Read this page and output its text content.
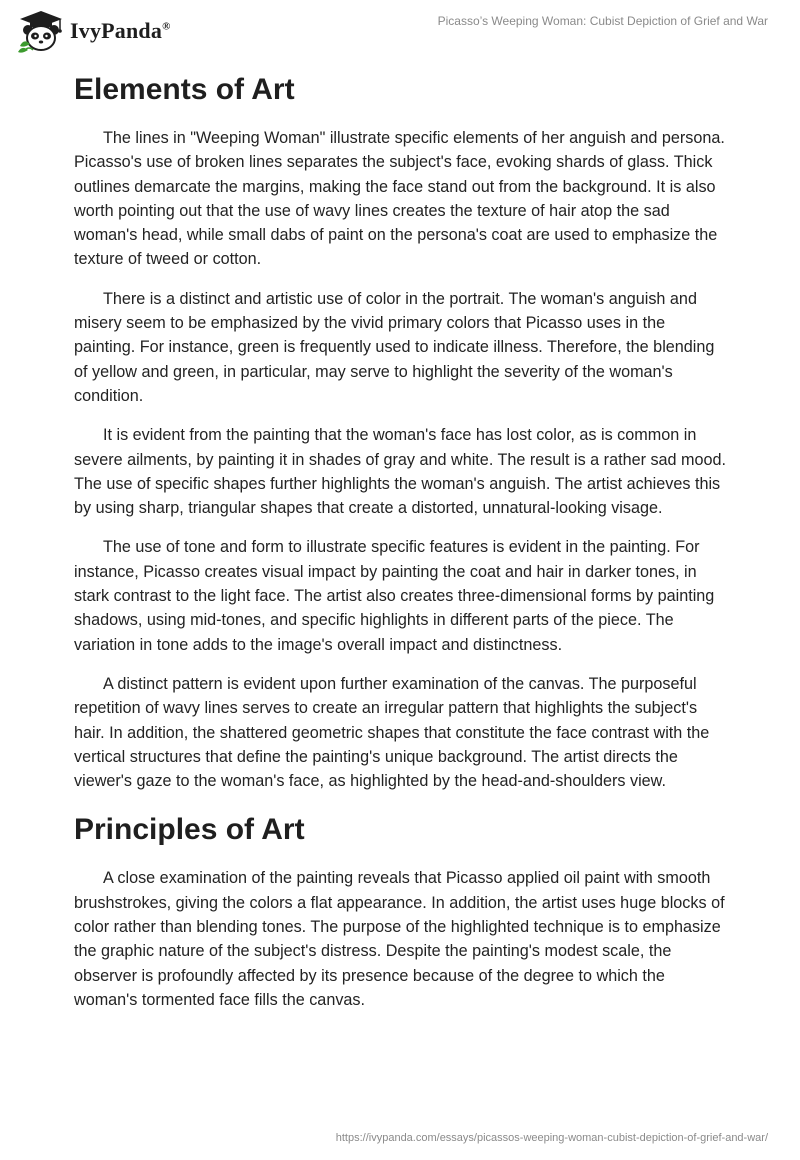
IvyPanda®	Picasso’s Weeping Woman: Cubist Depiction of Grief and War
Elements of Art

The lines in "Weeping Woman" illustrate specific elements of her anguish and persona. Picasso's use of broken lines separates the subject's face, evoking shards of glass. Thick outlines demarcate the margins, making the face stand out from the background. It is also worth pointing out that the use of wavy lines creates the texture of hair atop the sad woman's head, while small dabs of paint on the persona's coat are used to emphasize the texture of tweed or cotton.

There is a distinct and artistic use of color in the portrait. The woman's anguish and misery seem to be emphasized by the vivid primary colors that Picasso uses in the painting. For instance, green is frequently used to indicate illness. Therefore, the blending of yellow and green, in particular, may serve to highlight the severity of the woman's condition.

It is evident from the painting that the woman's face has lost color, as is common in severe ailments, by painting it in shades of gray and white. The result is a rather sad mood. The use of specific shapes further highlights the woman's anguish. The artist achieves this by using sharp, triangular shapes that create a distorted, unnatural-looking visage.

The use of tone and form to illustrate specific features is evident in the painting. For instance, Picasso creates visual impact by painting the coat and hair in darker tones, in stark contrast to the light face. The artist also creates three-dimensional forms by painting shadows, using mid-tones, and specific highlights in different parts of the piece. The variation in tone adds to the image's overall impact and distinctness.

A distinct pattern is evident upon further examination of the canvas. The purposeful repetition of wavy lines serves to create an irregular pattern that highlights the subject's hair. In addition, the shattered geometric shapes that constitute the face contrast with the vertical structures that define the painting's unique background. The artist directs the viewer's gaze to the woman's face, as highlighted by the head-and-shoulders view.

Principles of Art

A close examination of the painting reveals that Picasso applied oil paint with smooth brushstrokes, giving the colors a flat appearance. In addition, the artist uses huge blocks of color rather than blending tones. The purpose of the highlighted technique is to emphasize the graphic nature of the subject's distress. Despite the painting's modest scale, the observer is profoundly affected by its presence because of the degree to which the woman's tormented face fills the canvas.

https://ivypanda.com/essays/picassos-weeping-woman-cubist-depiction-of-grief-and-war/
